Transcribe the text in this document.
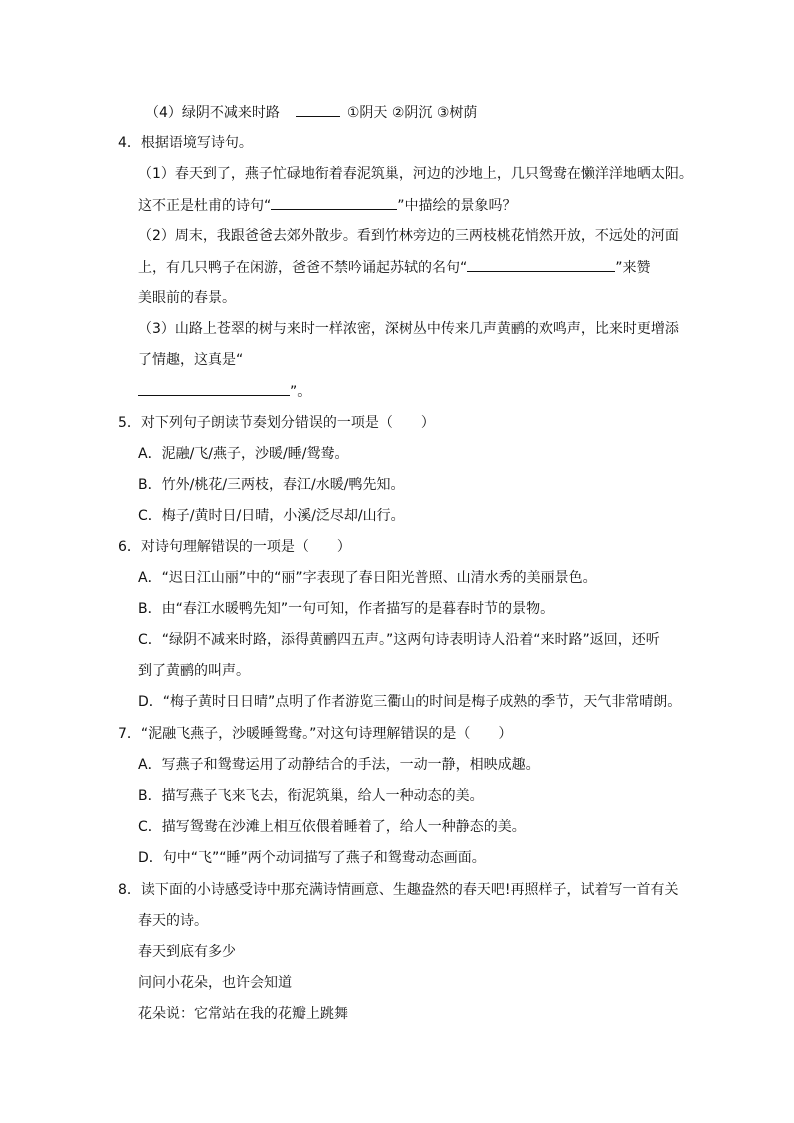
（4）绿阴不减来时路	①阴天 ②阴沉 ③树荫
4．根据语境写诗句。
（1）春天到了，燕子忙碌地衔着春泥筑巢，河边的沙地上，几只鸳鸯在懒洋洋地晒太阳。
这不正是杜甫的诗句“	”中描绘的景象吗？
（2）周末，我跟爸爸去郊外散步。看到竹林旁边的三两枝桃花悄然开放，不远处的河面
上，有几只鸭子在闲游，爸爸不禁吟诵起苏轼的名句“	”来赞
美眼前的春景。
（3）山路上苍翠的树与来时一样浓密，深树丛中传来几声黄鹂的欢鸣声，比来时更增添
了情趣，这真是“
”。
5．对下列句子朗读节奏划分错误的一项是（　　）
A．泥融/飞/燕子，沙暖/睡/鸳鸯。
B．竹外/桃花/三两枝，春江/水暖/鸭先知。
C．梅子/黄时日/日晴，小溪/泛尽却/山行。
6．对诗句理解错误的一项是（　　）
A．“迟日江山丽”中的“丽”字表现了春日阳光普照、山清水秀的美丽景色。
B．由“春江水暖鸭先知”一句可知，作者描写的是暮春时节的景物。
C．“绿阴不减来时路，添得黄鹂四五声。”这两句诗表明诗人沿着“来时路”返回，还听
到了黄鹂的叫声。
D．“梅子黄时日日晴”点明了作者游览三衢山的时间是梅子成熟的季节，天气非常晴朗。
7．“泥融飞燕子，沙暖睡鸳鸯。”对这句诗理解错误的是（　　）
A．写燕子和鸳鸯运用了动静结合的手法，一动一静，相映成趣。
B．描写燕子飞来飞去，衔泥筑巢，给人一种动态的美。
C．描写鸳鸯在沙滩上相互依偎着睡着了，给人一种静态的美。
D．句中“飞”“睡”两个动词描写了燕子和鸳鸯动态画面。
8．读下面的小诗感受诗中那充满诗情画意、生趣盎然的春天吧!再照样子，试着写一首有关
春天的诗。
春天到底有多少
问问小花朵，也许会知道
花朵说：它常站在我的花瓣上跳舞
